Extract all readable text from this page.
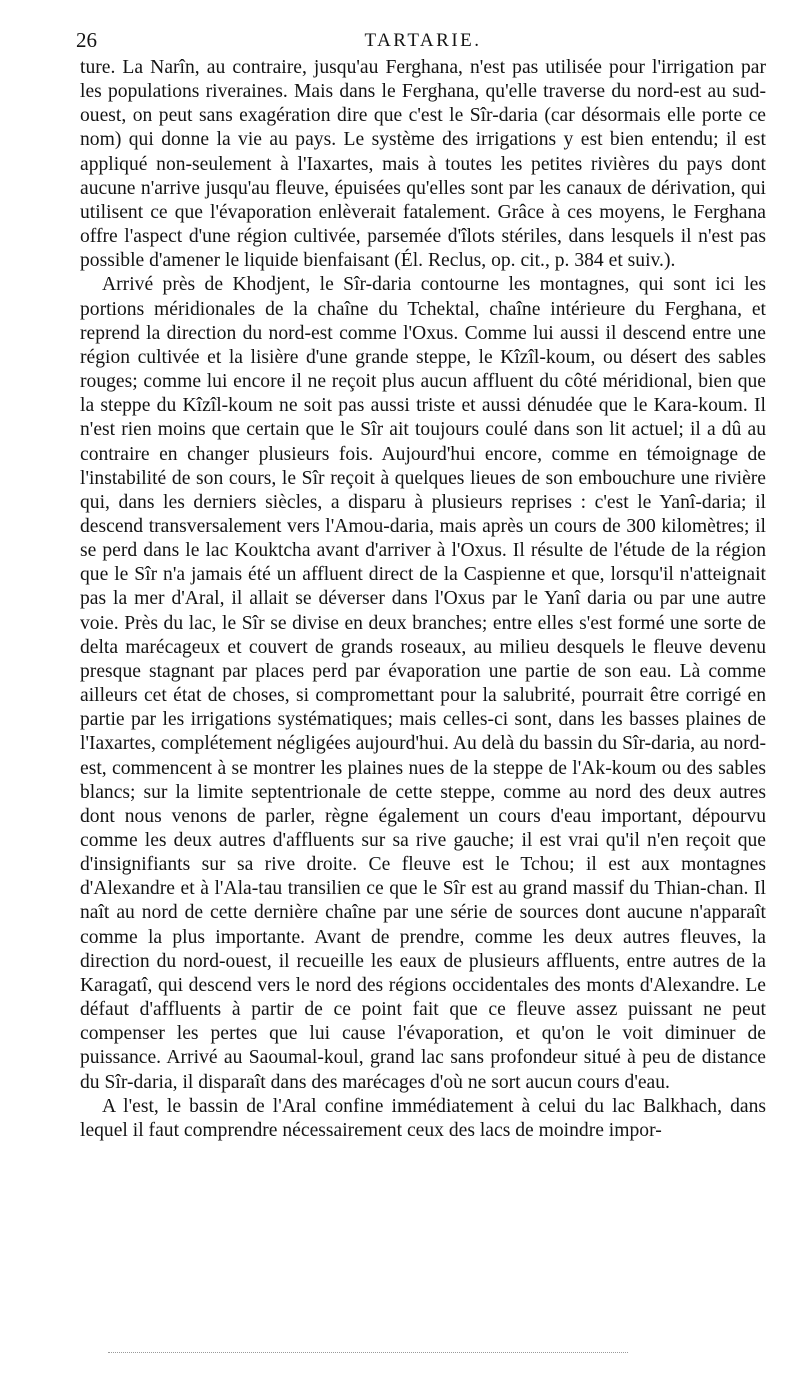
26	TARTARIE.

ture. La Narîn, au contraire, jusqu'au Ferghana, n'est pas utilisée pour l'irrigation par les populations riveraines. Mais dans le Ferghana, qu'elle traverse du nord-est au sud-ouest, on peut sans exagération dire que c'est le Sîr-daria (car désormais elle porte ce nom) qui donne la vie au pays. Le système des irrigations y est bien entendu; il est appliqué non-seulement à l'Iaxartes, mais à toutes les petites rivières du pays dont aucune n'arrive jusqu'au fleuve, épuisées qu'elles sont par les canaux de dérivation, qui utilisent ce que l'évaporation enlèverait fatalement. Grâce à ces moyens, le Ferghana offre l'aspect d'une région cultivée, parsemée d'îlots stériles, dans lesquels il n'est pas possible d'amener le liquide bienfaisant (Él. Reclus, op. cit., p. 384 et suiv.).

Arrivé près de Khodjent, le Sîr-daria contourne les montagnes, qui sont ici les portions méridionales de la chaîne du Tchektal, chaîne intérieure du Ferghana, et reprend la direction du nord-est comme l'Oxus. Comme lui aussi il descend entre une région cultivée et la lisière d'une grande steppe, le Kîzîl-koum, ou désert des sables rouges; comme lui encore il ne reçoit plus aucun affluent du côté méridional, bien que la steppe du Kîzîl-koum ne soit pas aussi triste et aussi dénudée que le Kara-koum. Il n'est rien moins que certain que le Sîr ait toujours coulé dans son lit actuel; il a dû au contraire en changer plusieurs fois. Aujourd'hui encore, comme en témoignage de l'instabilité de son cours, le Sîr reçoit à quelques lieues de son embouchure une rivière qui, dans les derniers siècles, a disparu à plusieurs reprises : c'est le Yanî-daria; il descend transversalement vers l'Amou-daria, mais après un cours de 300 kilomètres; il se perd dans le lac Kouktcha avant d'arriver à l'Oxus. Il résulte de l'étude de la région que le Sîr n'a jamais été un affluent direct de la Caspienne et que, lorsqu'il n'atteignait pas la mer d'Aral, il allait se déverser dans l'Oxus par le Yanî daria ou par une autre voie. Près du lac, le Sîr se divise en deux branches; entre elles s'est formé une sorte de delta marécageux et couvert de grands roseaux, au milieu desquels le fleuve devenu presque stagnant par places perd par évaporation une partie de son eau. Là comme ailleurs cet état de choses, si compromettant pour la salubrité, pourrait être corrigé en partie par les irrigations systématiques; mais celles-ci sont, dans les basses plaines de l'Iaxartes, complétement négligées aujourd'hui. Au delà du bassin du Sîr-daria, au nord-est, commencent à se montrer les plaines nues de la steppe de l'Ak-koum ou des sables blancs; sur la limite septentrionale de cette steppe, comme au nord des deux autres dont nous venons de parler, règne également un cours d'eau important, dépourvu comme les deux autres d'affluents sur sa rive gauche; il est vrai qu'il n'en reçoit que d'insignifiants sur sa rive droite. Ce fleuve est le Tchou; il est aux montagnes d'Alexandre et à l'Ala-tau transilien ce que le Sîr est au grand massif du Thian-chan. Il naît au nord de cette dernière chaîne par une série de sources dont aucune n'apparaît comme la plus importante. Avant de prendre, comme les deux autres fleuves, la direction du nord-ouest, il recueille les eaux de plusieurs affluents, entre autres de la Karagatî, qui descend vers le nord des régions occidentales des monts d'Alexandre. Le défaut d'affluents à partir de ce point fait que ce fleuve assez puissant ne peut compenser les pertes que lui cause l'évaporation, et qu'on le voit diminuer de puissance. Arrivé au Saoumal-koul, grand lac sans profondeur situé à peu de distance du Sîr-daria, il disparaît dans des marécages d'où ne sort aucun cours d'eau.

A l'est, le bassin de l'Aral confine immédiatement à celui du lac Balkhach, dans lequel il faut comprendre nécessairement ceux des lacs de moindre impor-
